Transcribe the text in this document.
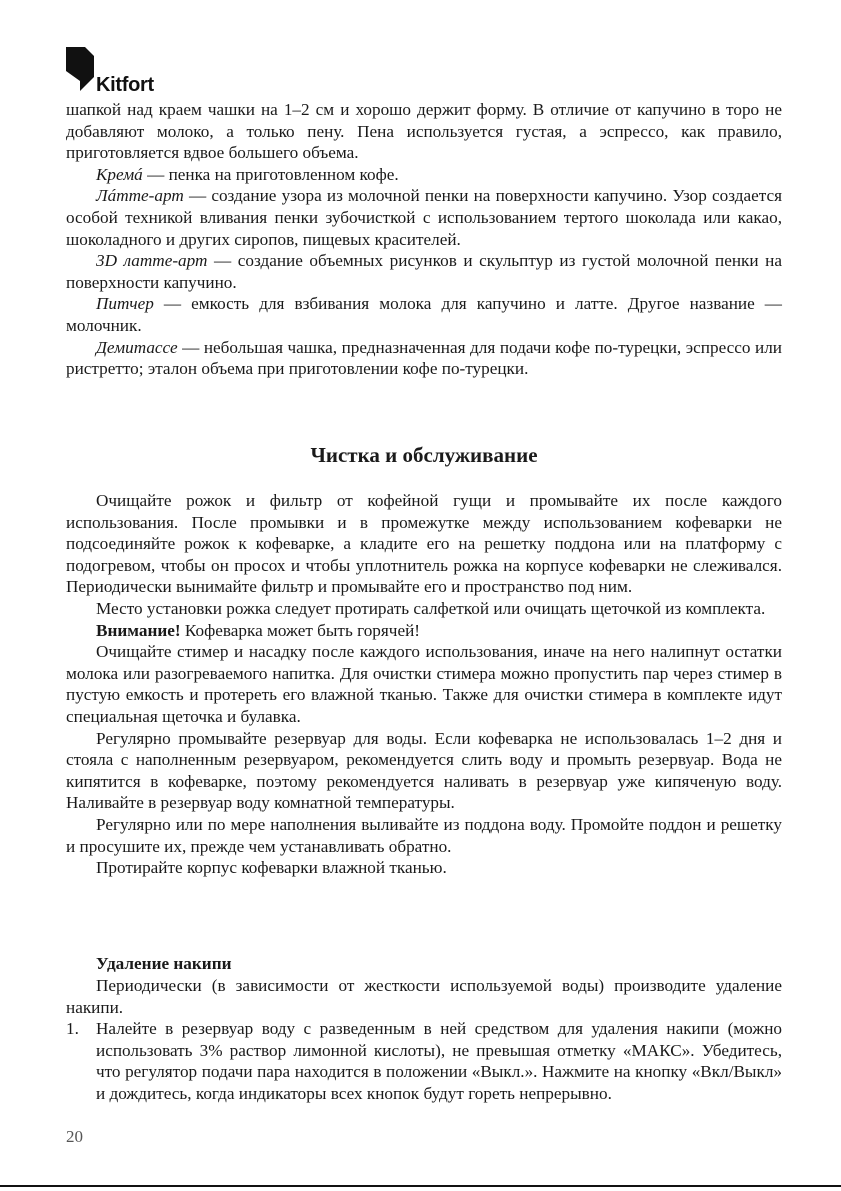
Kitfort

шапкой над краем чашки на 1–2 см и хорошо держит форму. В отличие от капучино в торо не добавляют молоко, а только пену. Пена используется густая, а эспрессо, как правило, приготовляется вдвое большего объема.

Кремá — пенка на приготовленном кофе.

Лáтте-арт — создание узора из молочной пенки на поверхности капучино. Узор создается особой техникой вливания пенки зубочисткой с использованием тертого шоколада или какао, шоколадного и других сиропов, пищевых красителей.

3D латте-арт — создание объемных рисунков и скульптур из густой молочной пенки на поверхности капучино.

Питчер — емкость для взбивания молока для капучино и латте. Другое название — молочник.

Демитассе — небольшая чашка, предназначенная для подачи кофе по-турецки, эспрессо или ристретто; эталон объема при приготовлении кофе по-турецки.

Чистка и обслуживание

Очищайте рожок и фильтр от кофейной гущи и промывайте их после каждого использования. После промывки и в промежутке между использованием кофеварки не подсоединяйте рожок к кофеварке, а кладите его на решетку поддона или на платформу с подогревом, чтобы он просох и чтобы уплотнитель рожка на корпусе кофеварки не слеживался. Периодически вынимайте фильтр и промывайте его и пространство под ним.

Место установки рожка следует протирать салфеткой или очищать щеточкой из комплекта.

Внимание! Кофеварка может быть горячей!

Очищайте стимер и насадку после каждого использования, иначе на него налипнут остатки молока или разогреваемого напитка. Для очистки стимера можно пропустить пар через стимер в пустую емкость и протереть его влажной тканью. Также для очистки стимера в комплекте идут специальная щеточка и булавка.

Регулярно промывайте резервуар для воды. Если кофеварка не использовалась 1–2 дня и стояла с наполненным резервуаром, рекомендуется слить воду и промыть резервуар. Вода не кипятится в кофеварке, поэтому рекомендуется наливать в резервуар уже кипяченую воду. Наливайте в резервуар воду комнатной температуры.

Регулярно или по мере наполнения выливайте из поддона воду. Промойте поддон и решетку и просушите их, прежде чем устанавливать обратно.

Протирайте корпус кофеварки влажной тканью.

Удаление накипи

Периодически (в зависимости от жесткости используемой воды) производите удаление накипи.

1. Налейте в резервуар воду с разведенным в ней средством для удаления накипи (можно использовать 3% раствор лимонной кислоты), не превышая отметку «МАКС». Убедитесь, что регулятор подачи пара находится в положении «Выкл.». Нажмите на кнопку «Вкл/Выкл» и дождитесь, когда индикаторы всех кнопок будут гореть непрерывно.

20
